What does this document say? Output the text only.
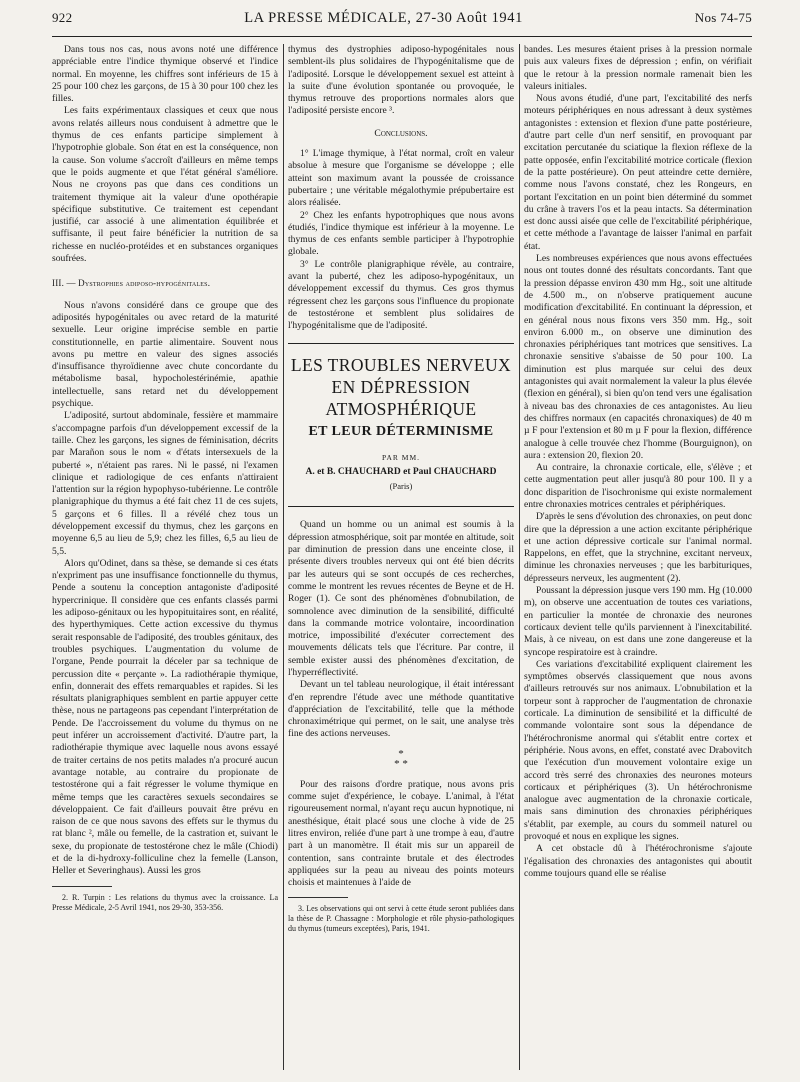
922	LA PRESSE MÉDICALE, 27-30 Août 1941	Nos 74-75

Dans tous nos cas, nous avons noté une différence appréciable entre l'indice thymique observé et l'indice normal. En moyenne, les chiffres sont inférieurs de 15 à 25 pour 100 chez les garçons, de 15 à 30 pour 100 chez les filles.

Les faits expérimentaux classiques et ceux que nous avons relatés ailleurs nous conduisent à admettre que le thymus de ces enfants participe simplement à l'hypotrophie globale. Son état en est la conséquence, non la cause. Son volume s'accroît d'ailleurs en même temps que le poids augmente et que l'état général s'améliore. Nous ne croyons pas que dans ces conditions un traitement thymique ait la valeur d'une opothérapie spécifique substitutive. Ce traitement est cependant justifié, car associé à une alimentation équilibrée et suffisante, il peut faire bénéficier la nutrition de sa richesse en nucléo-protéides et en substances organiques soufrées.

III. — Dystrophies adiposo-hypogénitales.

Nous n'avons considéré dans ce groupe que des adiposités hypogénitales ou avec retard de la maturité sexuelle. Leur origine imprécise semble en partie constitutionnelle, en partie alimentaire. Souvent nous avons pu mettre en valeur des signes associés d'insuffisance thyroïdienne avec chute concordante du métabolisme basal, hypocholestérinémie, apathie intellectuelle, sans retard net du développement psychique.

L'adiposité, surtout abdominale, fessière et mammaire s'accompagne parfois d'un développement excessif de la taille. Chez les garçons, les signes de féminisation, décrits par Marañon sous le nom « d'états intersexuels de la puberté », n'étaient pas rares. Ni le passé, ni l'examen clinique et radiologique de ces enfants n'attiraient l'attention sur la région hypophyso-tubérienne. Le contrôle planigraphique du thymus a été fait chez 11 de ces sujets, 5 garçons et 6 filles. Il a révélé chez tous un développement excessif du thymus, chez les garçons en moyenne 6,5 au lieu de 5,9; chez les filles, 6,5 au lieu de 5,5.

Alors qu'Odinet, dans sa thèse, se demande si ces états n'expriment pas une insuffisance fonctionnelle du thymus, Pende a soutenu la conception antagoniste d'adiposité hypercrinique. Il considère que ces enfants classés parmi les adiposo-génitaux ou les hypopituitaires sont, en réalité, des hyperthymiques. Cette action excessive du thymus serait responsable de l'adiposité, des troubles génitaux, des troubles psychiques. L'augmentation du volume de l'organe, Pende pourrait la déceler par sa technique de percussion dite « perçante ». La radiothérapie thymique, enfin, donnerait des effets remarquables et rapides. Si les résultats planigraphiques semblent en partie appuyer cette thèse, nous ne partageons pas cependant l'interprétation de Pende. De l'accroissement du volume du thymus on ne peut inférer un accroissement d'activité. D'autre part, la radiothérapie thymique avec laquelle nous avons essayé de traiter certains de nos petits malades n'a procuré aucun avantage notable, au contraire du propionate de testostérone qui a fait régresser le volume thymique en même temps que les caractères sexuels secondaires se développaient. Ce fait d'ailleurs pouvait être prévu en raison de ce que nous savons des effets sur le thymus du rat blanc ², mâle ou femelle, de la castration et, suivant le sexe, du propionate de testostérone chez le mâle (Chiodi) et de la di-hydroxy-folliculine chez la femelle (Lanson, Heller et Severinghaus). Aussi les gros

2. R. Turpin : Les relations du thymus avec la croissance. La Presse Médicale, 2-5 Avril 1941, nos 29-30, 353-356.

thymus des dystrophies adiposo-hypogénitales nous semblent-ils plus solidaires de l'hypogénitalisme que de l'adiposité. Lorsque le développement sexuel est atteint à la suite d'une évolution spontanée ou provoquée, le thymus retrouve des proportions normales alors que l'adiposité persiste encore ³.

Conclusions.

1° L'image thymique, à l'état normal, croît en valeur absolue à mesure que l'organisme se développe ; elle atteint son maximum avant la poussée de croissance pubertaire ; une véritable mégalothymie prépubertaire est alors réalisée.

2° Chez les enfants hypotrophiques que nous avons étudiés, l'indice thymique est inférieur à la moyenne. Le thymus de ces enfants semble participer à l'hypotrophie globale.

3° Le contrôle planigraphique révèle, au contraire, avant la puberté, chez les adiposo-hypogénitaux, un développement excessif du thymus. Ces gros thymus régressent chez les garçons sous l'influence du propionate de testostérone et semblent plus solidaires de l'hypogénitalisme que de l'adiposité.

LES TROUBLES NERVEUX
EN DÉPRESSION
ATMOSPHÉRIQUE
ET LEUR DÉTERMINISME
PAR MM.
A. et B. CHAUCHARD et Paul CHAUCHARD
(Paris)

Quand un homme ou un animal est soumis à la dépression atmosphérique, soit par montée en altitude, soit par diminution de pression dans une enceinte close, il présente divers troubles nerveux qui ont été bien décrits par les auteurs qui se sont occupés de ces recherches, comme le montrent les revues récentes de Beyne et de H. Roger (1). Ce sont des phénomènes d'obnubilation, de somnolence avec diminution de la sensibilité, difficulté dans la commande motrice volontaire, incoordination motrice, impossibilité d'exécuter correctement des mouvements délicats tels que l'écriture. Par contre, il semble exister aussi des phénomènes d'excitation, de l'hyperréflectivité.

Devant un tel tableau neurologique, il était intéressant d'en reprendre l'étude avec une méthode quantitative d'appréciation de l'excitabilité, telle que la méthode chronaximétrique qui permet, on le sait, une analyse très fine des actions nerveuses.

*
* *

Pour des raisons d'ordre pratique, nous avons pris comme sujet d'expérience, le cobaye. L'animal, à l'état rigoureusement normal, n'ayant reçu aucun hypnotique, ni anesthésique, était placé sous une cloche à vide de 25 litres environ, reliée d'une part à une trompe à eau, d'autre part à un manomètre. Il était mis sur un appareil de contention, sans contrainte brutale et des électrodes appliquées sur la peau au niveau des points moteurs choisis et maintenues à l'aide de

3. Les observations qui ont servi à cette étude seront publiées dans la thèse de P. Chassagne : Morphologie et rôle physio-pathologiques du thymus (tumeurs exceptées), Paris, 1941.

bandes. Les mesures étaient prises à la pression normale puis aux valeurs fixes de dépression ; enfin, on vérifiait que le retour à la pression normale ramenait bien les valeurs initiales.

Nous avons étudié, d'une part, l'excitabilité des nerfs moteurs périphériques en nous adressant à deux systèmes antagonistes : extension et flexion d'une patte postérieure, d'autre part celle d'un nerf sensitif, en provoquant par excitation percutanée du sciatique la flexion réflexe de la patte opposée, enfin l'excitabilité motrice corticale (flexion de la patte postérieure). On peut atteindre cette dernière, comme nous l'avons constaté, chez les Rongeurs, en portant l'excitation en un point bien déterminé du sommet du crâne à travers l'os et la peau intacts. Sa détermination est donc aussi aisée que celle de l'excitabilité périphérique, et cette méthode a l'avantage de laisser l'animal en parfait état.

Les nombreuses expériences que nous avons effectuées nous ont toutes donné des résultats concordants. Tant que la pression dépasse environ 430 mm Hg., soit une altitude de 4.500 m., on n'observe pratiquement aucune modification d'excitabilité. En continuant la dépression, et en général nous nous fixons vers 350 mm. Hg., soit environ 6.000 m., on observe une diminution des chronaxies périphériques tant motrices que sensitives. La chronaxie sensitive s'abaisse de 50 pour 100. La diminution est plus marquée sur celui des deux antagonistes qui avait normalement la valeur la plus élevée (flexion en général), si bien qu'on tend vers une égalisation à niveau bas des chronaxies de ces antagonistes. Au lieu des chiffres normaux (en capacités chronaxiques) de 40 m µ F pour l'extension et 80 m µ F pour la flexion, différence analogue à celle trouvée chez l'homme (Bourguignon), on aura : extension 20, flexion 20.

Au contraire, la chronaxie corticale, elle, s'élève ; et cette augmentation peut aller jusqu'à 80 pour 100. Il y a donc disparition de l'isochronisme qui existe normalement entre chronaxies motrices centrales et périphériques.

D'après le sens d'évolution des chronaxies, on peut donc dire que la dépression a une action excitante périphérique et une action dépressive corticale sur l'animal normal. Rappelons, en effet, que la strychnine, excitant nerveux, diminue les chronaxies nerveuses ; que les barbituriques, dépresseurs nerveux, les augmentent (2).

Poussant la dépression jusque vers 190 mm. Hg (10.000 m), on observe une accentuation de toutes ces variations, en particulier la montée de chronaxie des neurones corticaux devient telle qu'ils parviennent à l'inexcitabilité. Mais, à ce niveau, on est dans une zone dangereuse et la syncope respiratoire est à craindre.

Ces variations d'excitabilité expliquent clairement les symptômes observés classiquement que nous avons d'ailleurs retrouvés sur nos animaux. L'obnubilation et la torpeur sont à rapprocher de l'augmentation de chronaxie corticale. La diminution de sensibilité et la difficulté de commande volontaire sont sous la dépendance de l'hétérochronisme anormal qui s'établit entre cortex et périphérie. Nous avons, en effet, constaté avec Drabovitch que l'exécution d'un mouvement volontaire exige un accord très serré des chronaxies des neurones moteurs corticaux et périphériques (3). Un hétérochronisme analogue avec augmentation de la chronaxie corticale, mais sans diminution des chronaxies périphériques s'établit, par exemple, au cours du sommeil naturel ou provoqué et nous en explique les signes.

A cet obstacle dû à l'hétérochronisme s'ajoute l'égalisation des chronaxies des antagonistes qui aboutit comme toujours quand elle se réalise
